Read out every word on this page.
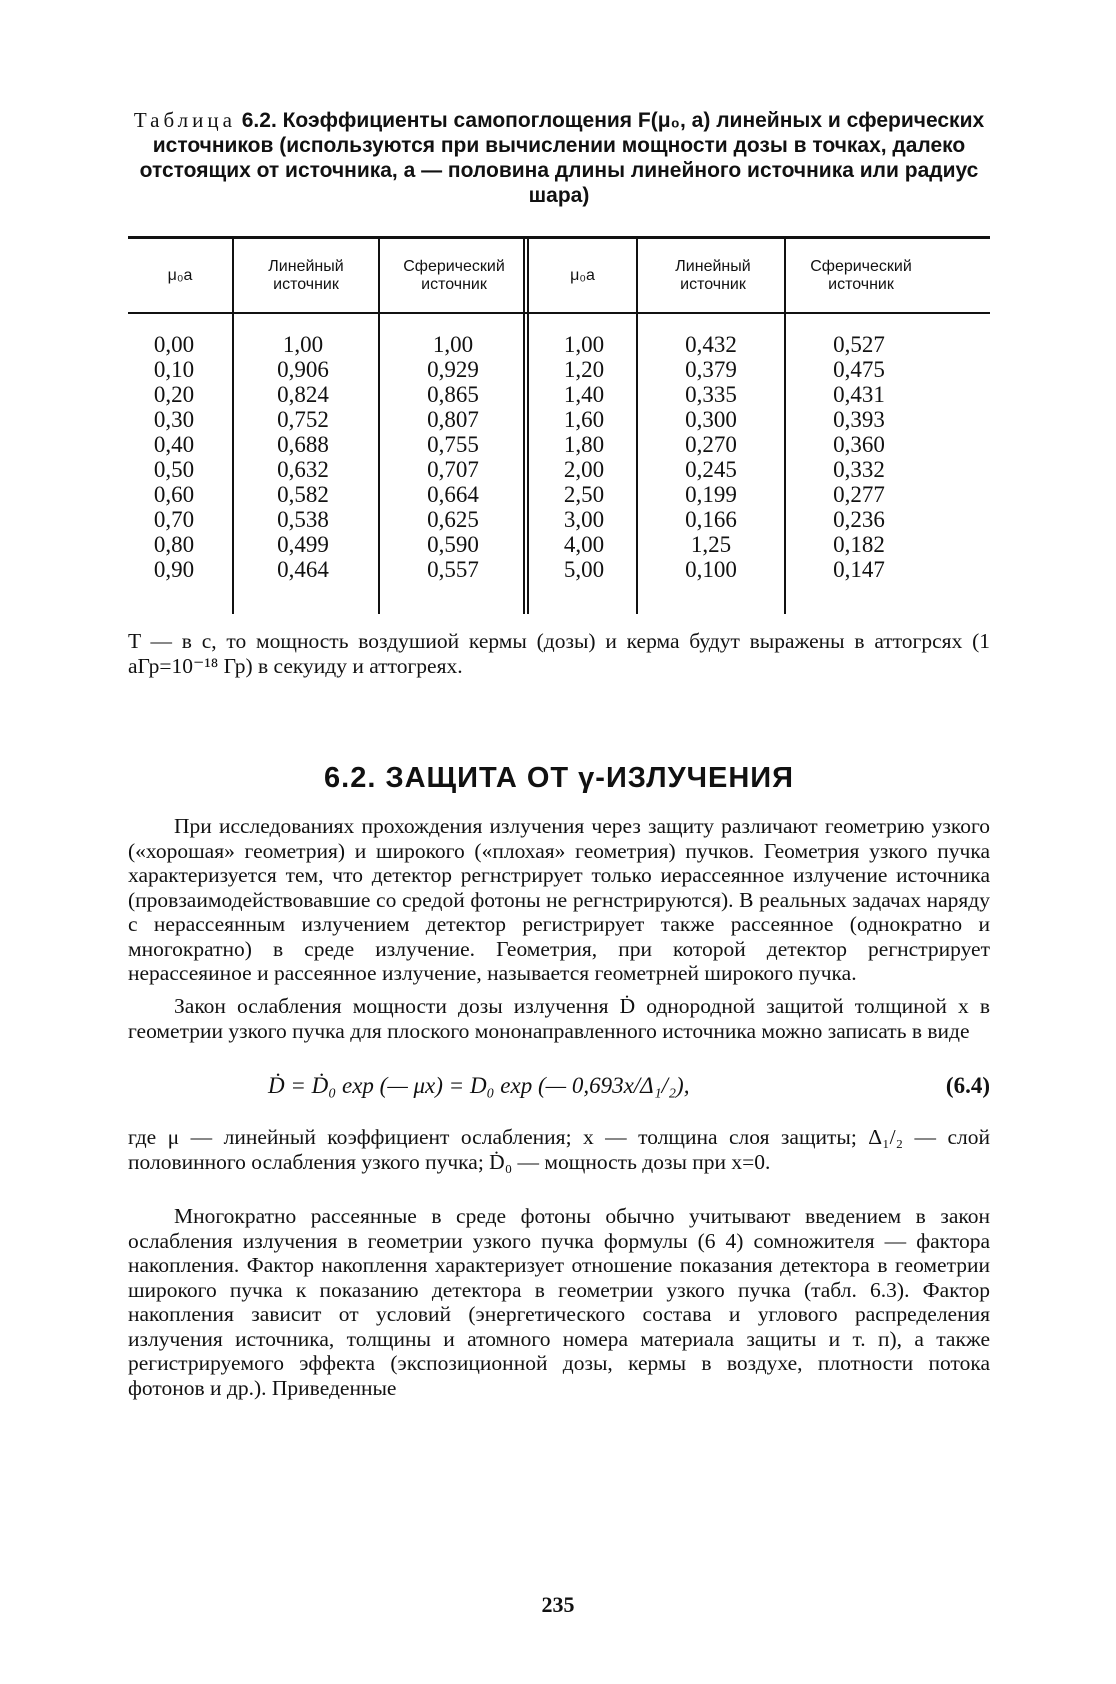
Таблица 6.2. Коэффициенты самопоглощения F(μ₀, a) линейных и сферических источников (используются при вычислении мощности дозы в точках, далеко отстоящих от источника, a — половина длины линейного источника или радиус шара)
μ₀a
Линейный источник
Сферический источник
μ₀a
Линейный источник
Сферический источник
0,00
0,10
0,20
0,30
0,40
0,50
0,60
0,70
0,80
0,90
1,00
0,906
0,824
0,752
0,688
0,632
0,582
0,538
0,499
0,464
1,00
0,929
0,865
0,807
0,755
0,707
0,664
0,625
0,590
0,557
1,00
1,20
1,40
1,60
1,80
2,00
2,50
3,00
4,00
5,00
0,432
0,379
0,335
0,300
0,270
0,245
0,199
0,166
1,25
0,100
0,527
0,475
0,431
0,393
0,360
0,332
0,277
0,236
0,182
0,147
T — в с, то мощность воздушиой кермы (дозы) и керма будут выражены в аттогрсях (1 аГр=10⁻¹⁸ Гр) в секуиду и аттогреях.
6.2. ЗАЩИТА ОТ γ-ИЗЛУЧЕНИЯ
При исследованиях прохождения излучения через защиту различают геометрию узкого («хорошая» геометрия) и широкого («плохая» геометрия) пучков. Геометрия узкого пучка характеризуется тем, что детектор регнстрирует только иерассеянное излучение источника (провзаимодействовавшие со средой фотоны не регнстрируются). В реальных задачах наряду с нерассеянным излучением детектор регистрирует также рассеянное (однократно и многократно) в среде излучение. Геометрия, при которой детектор регнстрирует нерассеяиное и рассеянное излучение, называется геометрней широкого пучка.
Закон ослабления мощности дозы излучення Ḋ однородной защитой толщиной x в геометрии узкого пучка для плоского мононаправленного источника можно записать в виде
Ḋ = Ḋ₀ exp (— μx) = D₀ exp (— 0,693x/Δ₁/₂),	(6.4)
где μ — линейный коэффициент ослабления; x — толщина слоя защиты; Δ₁/₂ — слой половинного ослабления узкого пучка; Ḋ₀ — мощность дозы при x=0.
Многократно рассеянные в среде фотоны обычно учитывают введением в закон ослабления излучения в геометрии узкого пучка формулы (6 4) сомножителя — фактора накопления. Фактор накоплення характеризует отношение показания детектора в геометрии широкого пучка к показанию детектора в геометрии узкого пучка (табл. 6.3). Фактор накопления зависит от условий (энергетического состава и углового распределения излучения источника, толщины и атомного номера материала защиты и т. п), а также регистрируемого эффекта (экспозиционной дозы, кермы в воздухе, плотности потока фотонов и др.). Приведенные
235
